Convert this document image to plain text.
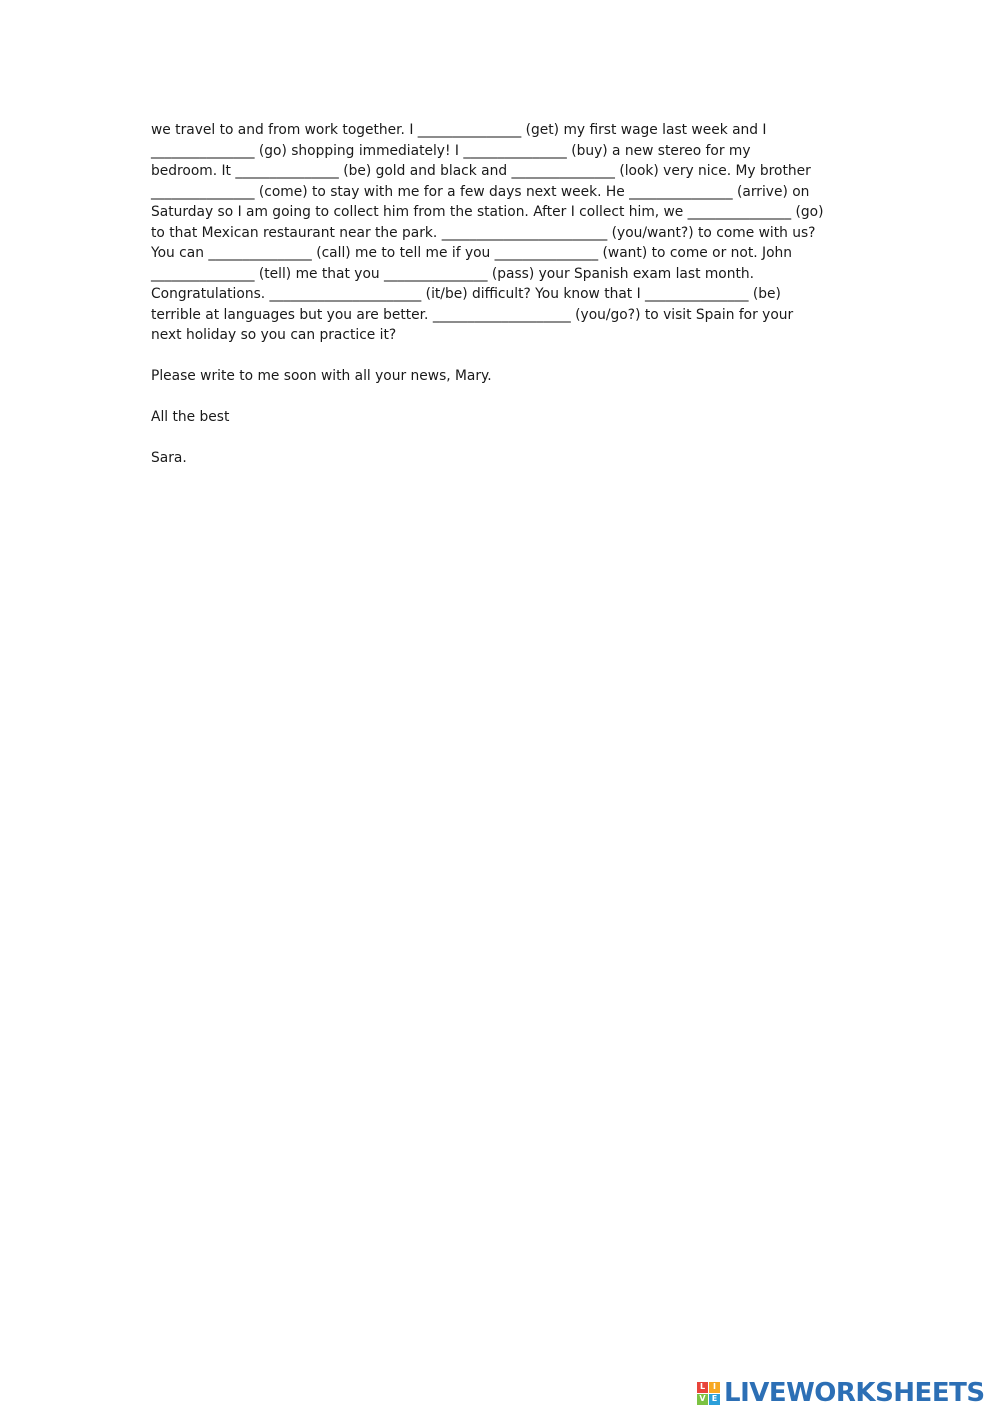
we travel to and from work together. I _______________ (get) my first wage last week and I
_______________ (go) shopping immediately! I _______________ (buy) a new stereo for my
bedroom. It _______________ (be) gold and black and _______________ (look) very nice. My brother
_______________ (come) to stay with me for a few days next week. He _______________ (arrive) on
Saturday so I am going to collect him from the station. After I collect him, we _______________ (go)
to that Mexican restaurant near the park. ________________________ (you/want?) to come with us?
You can _______________ (call) me to tell me if you _______________ (want) to come or not. John
_______________ (tell) me that you _______________ (pass) your Spanish exam last month.
Congratulations. ______________________ (it/be) difficult? You know that I _______________ (be)
terrible at languages but you are better. ____________________ (you/go?) to visit Spain for your
next holiday so you can practice it?
Please write to me soon with all your news, Mary.
All the best
Sara.
L I
V E LIVEWORKSHEETS
